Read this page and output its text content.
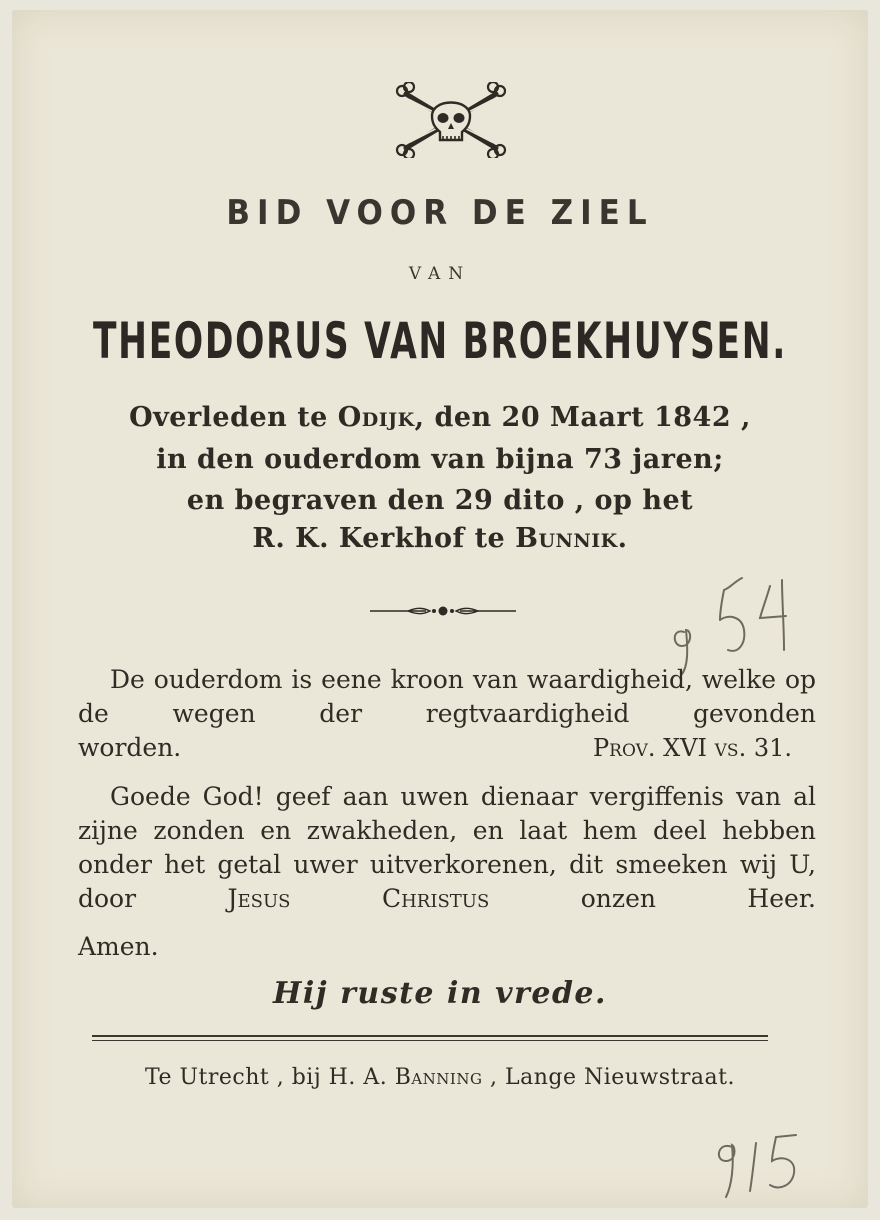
BID VOOR DE ZIEL
VAN
THEODORUS VAN BROEKHUYSEN.
Overleden te Odijk, den 20 Maart 1842 ,
in den ouderdom van bijna 73 jaren;
en begraven den 29 dito , op het
R. K. Kerkhof te Bunnik.
254
De ouderdom is eene kroon van waardigheid, welke op de wegen der regtvaardigheid gevonden
Prov. XVI vs. 31.
worden.
Goede God! geef aan uwen dienaar vergiffenis van al zijne zonden en zwakheden, en laat hem deel hebben onder het getal uwer uitverkorenen, dit smeeken wij U, door Jesus Christus onzen Heer.
Amen.
Hij ruste in vrede.
Te Utrecht , bij H. A. Banning , Lange Nieuwstraat.
915
